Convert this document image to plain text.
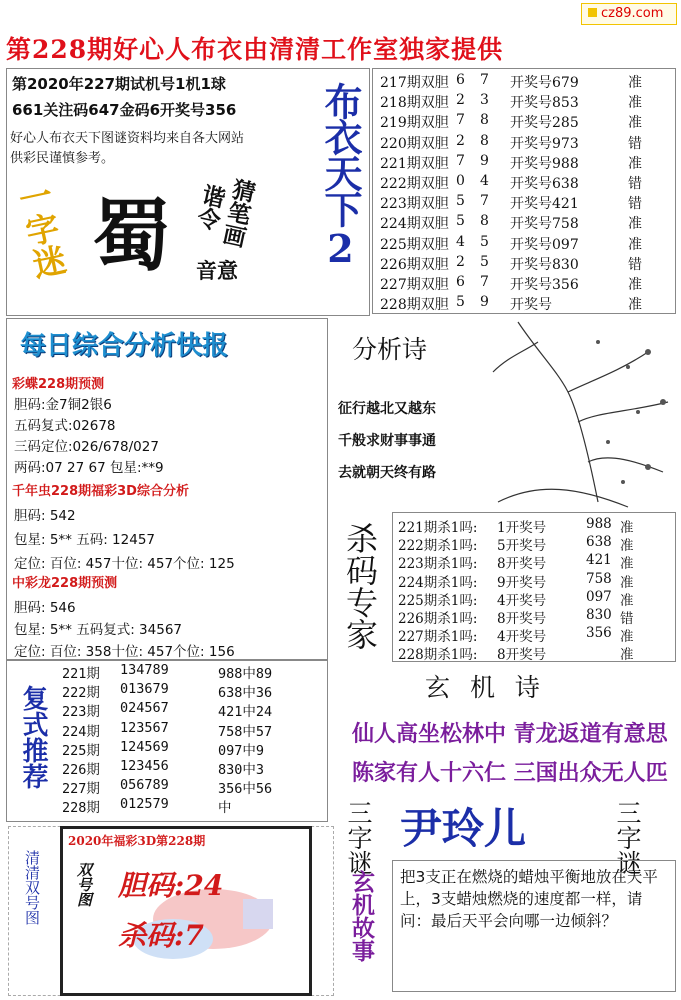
cz89.com
第228期好心人布衣由清清工作室独家提供
第2020年227期试机号1机1球
661关注码647金码6开奖号356
好心人布衣天下图谜资料均来自各大网站
供彩民谨慎参考。
一字迷 蜀 谐令
猜笔画
音意
布衣天下2 217期双胆 6 7 开奖号679	准
218期双胆 2 3 开奖号853	准
219期双胆 7 8 开奖号285	准
220期双胆 2 8 开奖号973	错
221期双胆 7 9 开奖号988	准
222期双胆 0 4 开奖号638	错
223期双胆 5 7 开奖号421	错
224期双胆 5 8 开奖号758	准
225期双胆 4 5 开奖号097	准
226期双胆 2 5 开奖号830	错
227期双胆 6 7 开奖号356	准
228期双胆 5 9 开奖号	准
每日综合分析快报
彩蝶228期预测
胆码:金7铜2银6
五码复式:02678
三码定位:026/678/027
两码:07 27 67 包星:**9
千年虫228期福彩3D综合分析
胆码: 542
包星: 5** 五码: 12457
定位: 百位: 457十位: 457个位: 125
中彩龙228期预测
胆码: 546
包星: 5** 五码复式: 34567
定位: 百位: 358十位: 457个位: 156
分析诗
征行越北又越东
千般求财事事通
去就朝天终有路
杀码专家 221期杀1吗: 1开奖号	988 准
222期杀1吗: 5开奖号	638 准
223期杀1吗: 8开奖号	421 准
224期杀1吗: 9开奖号	758 准
225期杀1吗: 4开奖号	097 准
226期杀1吗: 8开奖号	830 错
227期杀1吗: 4开奖号	356 准
228期杀1吗: 8开奖号	准
复式推荐
221期 134789	988中89
222期 013679	638中36
223期 024567	421中24
224期 123567	758中57
225期 124569	097中9
226期 123456	830中3
227期 056789	356中56
228期 012579	中
玄 机 诗
仙人高坐松林中 青龙返道有意思
陈家有人十六仁 三国出众无人匹
三字谜 尹玲儿	三字谜
玄机故事 把3支正在燃烧的蜡烛平衡地放在天平上，3支蜡烛燃烧的速度都一样，请问：最后天平会向哪一边倾斜？
清清双号图
2020年福彩3D第228期
双号图 胆码:24
杀码:7
